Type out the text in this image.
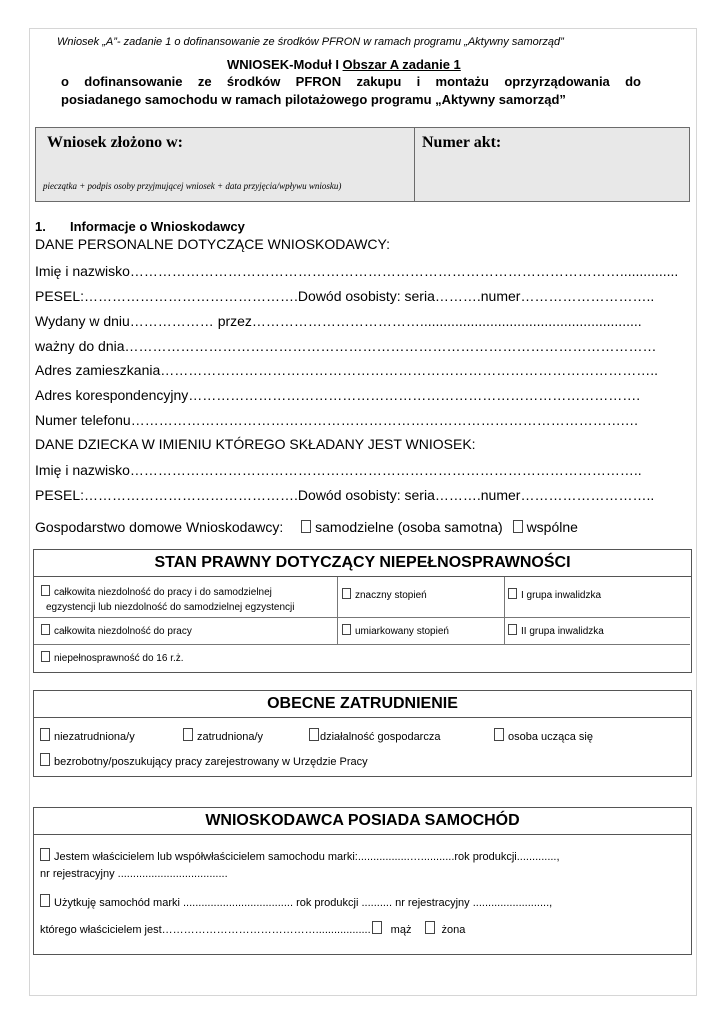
Wniosek „A”- zadanie 1 o dofinansowanie ze środków PFRON w ramach programu „Aktywny samorząd”
WNIOSEK-Moduł I Obszar A zadanie 1
o dofinansowanie ze środków PFRON zakupu i montażu oprzyrządowania do
posiadanego samochodu w ramach pilotażowego programu „Aktywny samorząd”
Wniosek złożono w:
pieczątka + podpis osoby przyjmującej wniosek + data przyjęcia/wpływu wniosku)
Numer akt:
1. Informacje o Wnioskodawcy
DANE PERSONALNE DOTYCZĄCE WNIOSKODAWCY:
Imię i nazwisko……………………………………………………………………………………………...............
PESEL:……………………………………….Dowód osobisty: seria……….numer………………………..
Wydany w dniu……………… przez……………………………….........................................................
ważny do dnia……………………………………………………………………………………………………
Adres zamieszkania……………………………………………………………………………………………..
Adres korespondencyjny…………………………………………………………………………………….
Numer telefonu…………………………………………………………………………………………….…
DANE DZIECKA W IMIENIU KTÓREGO SKŁADANY JEST WNIOSEK:
Imię i nazwisko………………………………………………………………………………………………..
PESEL:……………………………………….Dowód osobisty: seria……….numer………………………..
Gospodarstwo domowe Wnioskodawcy: samodzielne (osoba samotna) wspólne
STAN PRAWNY DOTYCZĄCY NIEPEŁNOSPRAWNOŚCI
całkowita niezdolność do pracy i do samodzielnej
egzystencji lub niezdolność do samodzielnej egzystencji
znaczny stopień	I grupa inwalidzka
całkowita niezdolność do pracy	umiarkowany stopień	II grupa inwalidzka
niepełnosprawność do 16 r.ż.
OBECNE ZATRUDNIENIE
niezatrudniona/y	zatrudniona/y	działalność gospodarcza	osoba ucząca się
bezrobotny/poszukujący pracy zarejestrowany w Urzędzie Pracy
WNIOSKODAWCA POSIADA SAMOCHÓD
Jestem właścicielem lub współwłaścicielem samochodu marki:.................…...........rok produkcji.............,
nr rejestracyjny ....................................
Użytkuję samochód marki .................................... rok produkcji .......... nr rejestracyjny .........................,
którego właścicielem jest…………………………………….................. mąż	żona
